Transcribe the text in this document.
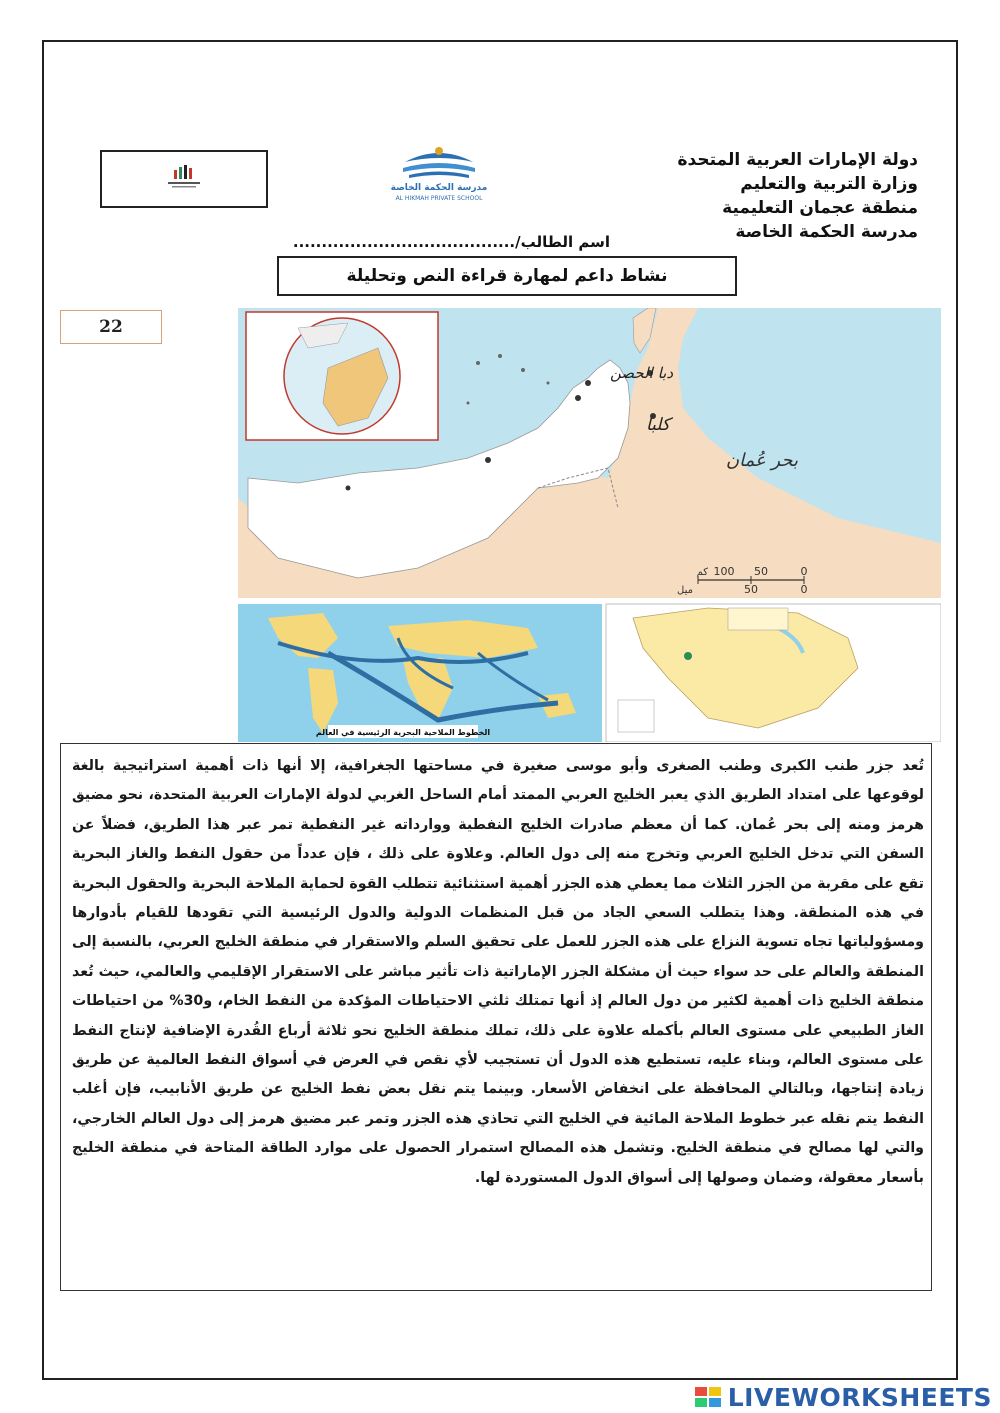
مدرسة الحكمة الخاصة
AL HIKMAH PRIVATE SCHOOL
دولة الإمارات العربية المتحدة
وزارة التربية والتعليم
منطقة عجمان التعليمية
مدرسة الحكمة الخاصة
اسم الطالب/.......................................
نشاط داعم لمهارة قراءة النص وتحليلة
22
دبا الحصن
كلبا
بحر عُمان
100 50	0
كم
50	0
ميل
الخطوط الملاحية البحرية الرئيسية في العالم
تُعد جزر طنب الكبرى وطنب الصغرى وأبو موسى صغيرة في مساحتها الجغرافية، إلا أنها ذات أهمية استراتيجية بالغة لوقوعها على امتداد الطريق الذي يعبر الخليج العربي الممتد أمام الساحل الغربي لدولة الإمارات العربية المتحدة، نحو مضيق هرمز ومنه إلى بحر عُمان. كما أن معظم صادرات الخليج النفطية ووارداته غير النفطية تمر عبر هذا الطريق، فضلاً عن السفن التي تدخل الخليج العربي وتخرج منه إلى دول العالم. وعلاوة على ذلك ، فإن عدداً من حقول النفط والغاز البحرية تقع على مقربة من الجزر الثلاث مما يعطي هذه الجزر أهمية استثنائية تتطلب القوة لحماية الملاحة البحرية والحقول البحرية في هذه المنطقة. وهذا يتطلب السعي الجاد من قبل المنظمات الدولية والدول الرئيسية التي تقودها للقيام بأدوارها ومسؤولياتها تجاه تسوية النزاع على هذه الجزر للعمل على تحقيق السلم والاستقرار في منطقة الخليج العربي، بالنسبة إلى المنطقة والعالم على حد سواء حيث أن مشكلة الجزر الإماراتية ذات تأثير مباشر على الاستقرار الإقليمي والعالمي، حيث تُعد منطقة الخليج ذات أهمية لكثير من دول العالم إذ أنها تمتلك ثلثي الاحتياطات المؤكدة من النفط الخام، و30% من احتياطات الغاز الطبيعي على مستوى العالم بأكمله علاوة على ذلك، تملك منطقة الخليج نحو ثلاثة أرباع القُدرة الإضافية لإنتاج النفط على مستوى العالم، وبناء عليه، تستطيع هذه الدول أن تستجيب لأي نقص في العرض في أسواق النفط العالمية عن طريق زيادة إنتاجها، وبالتالي المحافظة على انخفاض الأسعار. وبينما يتم نقل بعض نفط الخليج عن طريق الأنابيب، فإن أغلب النفط يتم نقله عبر خطوط الملاحة المائية في الخليج التي تحاذي هذه الجزر وتمر عبر مضيق هرمز إلى دول العالم الخارجي، والتي لها مصالح في منطقة الخليج. وتشمل هذه المصالح استمرار الحصول على موارد الطاقة المتاحة في منطقة الخليج بأسعار معقولة، وضمان وصولها إلى أسواق الدول المستوردة لها.
LIVEWORKSHEETS
